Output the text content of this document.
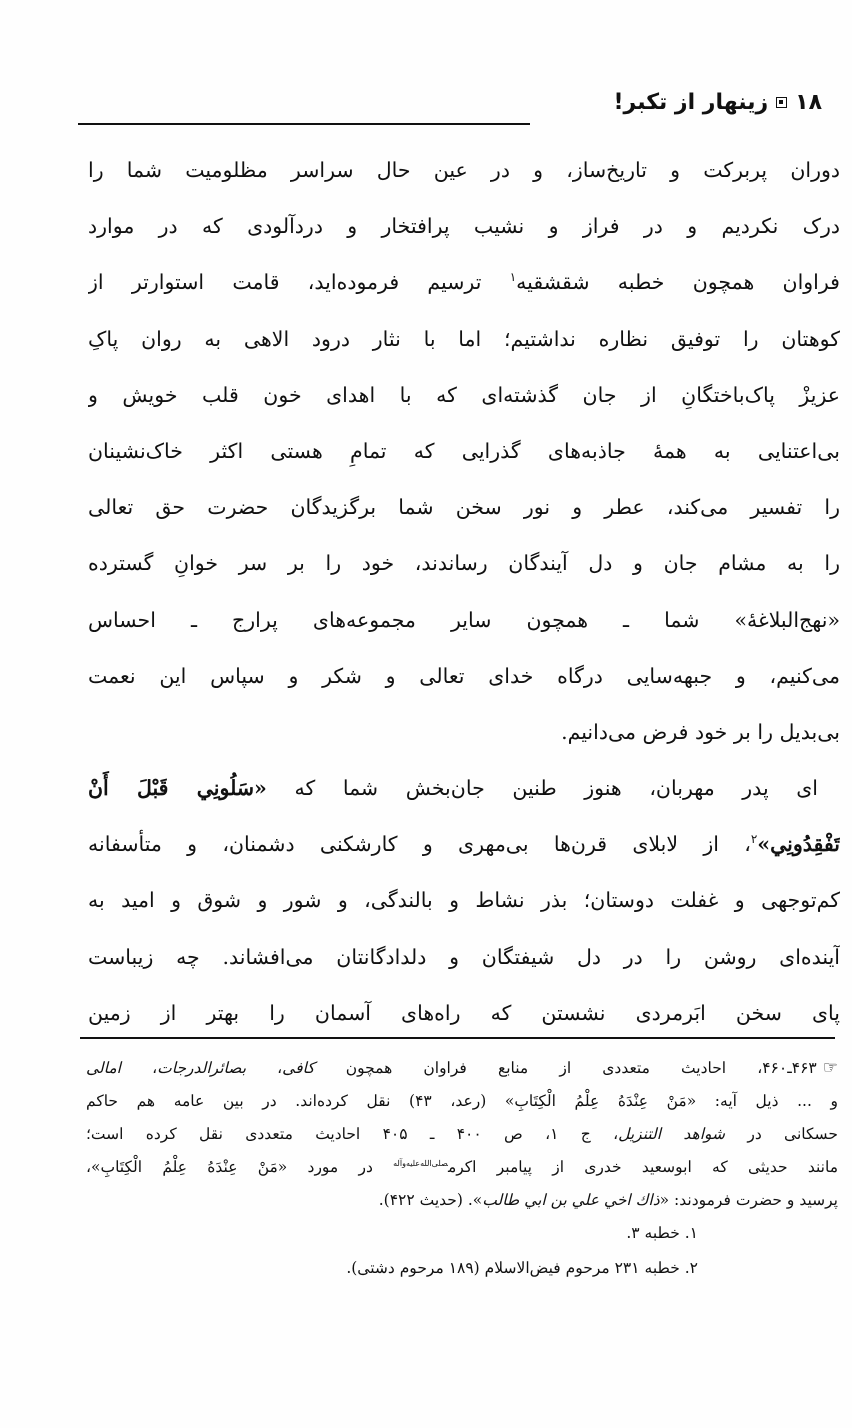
۱۸
زینهار از تکبر!
دوران پربرکت و تاریخ‌ساز، و در عین حال سراسر مظلومیت شما را
درک نکردیم و در فراز و نشیب پرافتخار و دردآلودی که در موارد
فراوان همچون خطبه شقشقیه$^۱$ ترسیم فرموده‌اید، قامت استوارتر از
کوهتان را توفیق نظاره نداشتیم؛ اما با نثار درود الاهی به روان پاکِ
عزیزْ پاک‌باختگانِ از جان گذشته‌ای که با اهدای خون قلب خویش و
بی‌اعتنایی به همهٔ جاذبه‌های گذرایی که تمامِ هستی اکثر خاک‌نشینان
را تفسیر می‌کند، عطر و نور سخن شما برگزیدگان حضرت حق تعالی
را به مشام جان و دل آیندگان رساندند، خود را بر سر خوانِ گسترده
«نهج‌البلاغهٔ» شما ـ همچون سایر مجموعه‌های پرارج ـ احساس
می‌کنیم، و جبهه‌سایی درگاه خدای تعالی و شکر و سپاس این نعمت
بی‌بدیل را بر خود فرض می‌دانیم.
ای پدر مهربان، هنوز طنین جان‌بخش شما که «سَلُونِي قَبْلَ أَنْ
تَفْقِدُونِي»$^۲$، از لابلای قرن‌ها بی‌مهری و کارشکنی دشمنان، و متأسفانه
کم‌توجهی و غفلت دوستان؛ بذر نشاط و بالندگی، و شور و شوق و امید به
آینده‌ای روشن را در دل شیفتگان و دلدادگانتان می‌افشاند. چه زیباست
پای سخن ابَرمردی نشستن که راه‌های آسمان را بهتر از زمین
☞۴۶۳ـ۴۶۰، احادیث متعددی از منابع فراوان همچون کافی، بصائرالدرجات، امالی
و ... ذیل آیه: «مَنْ عِنْدَهُ عِلْمُ الْکِتَابِ» (رعد، ۴۳) نقل کرده‌اند. در بین عامه هم حاکم
حسکانی در شواهد التنزیل، ج ۱، ص ۴۰۰ ـ ۴۰۵ احادیث متعددی نقل کرده است؛
مانند حدیثی که ابوسعید خدری از پیامبر اکرم$^{صلی‌الله‌علیه‌وآله}$ در مورد «مَنْ عِنْدَهُ عِلْمُ الْکِتَابِ»،
پرسید و حضرت فرمودند: «ذاك اخي علي بن ابي طالب». (حدیث ۴۲۲).
۱. خطبه ۳.
۲. خطبه ۲۳۱ مرحوم فیض‌الاسلام (۱۸۹ مرحوم دشتی).
